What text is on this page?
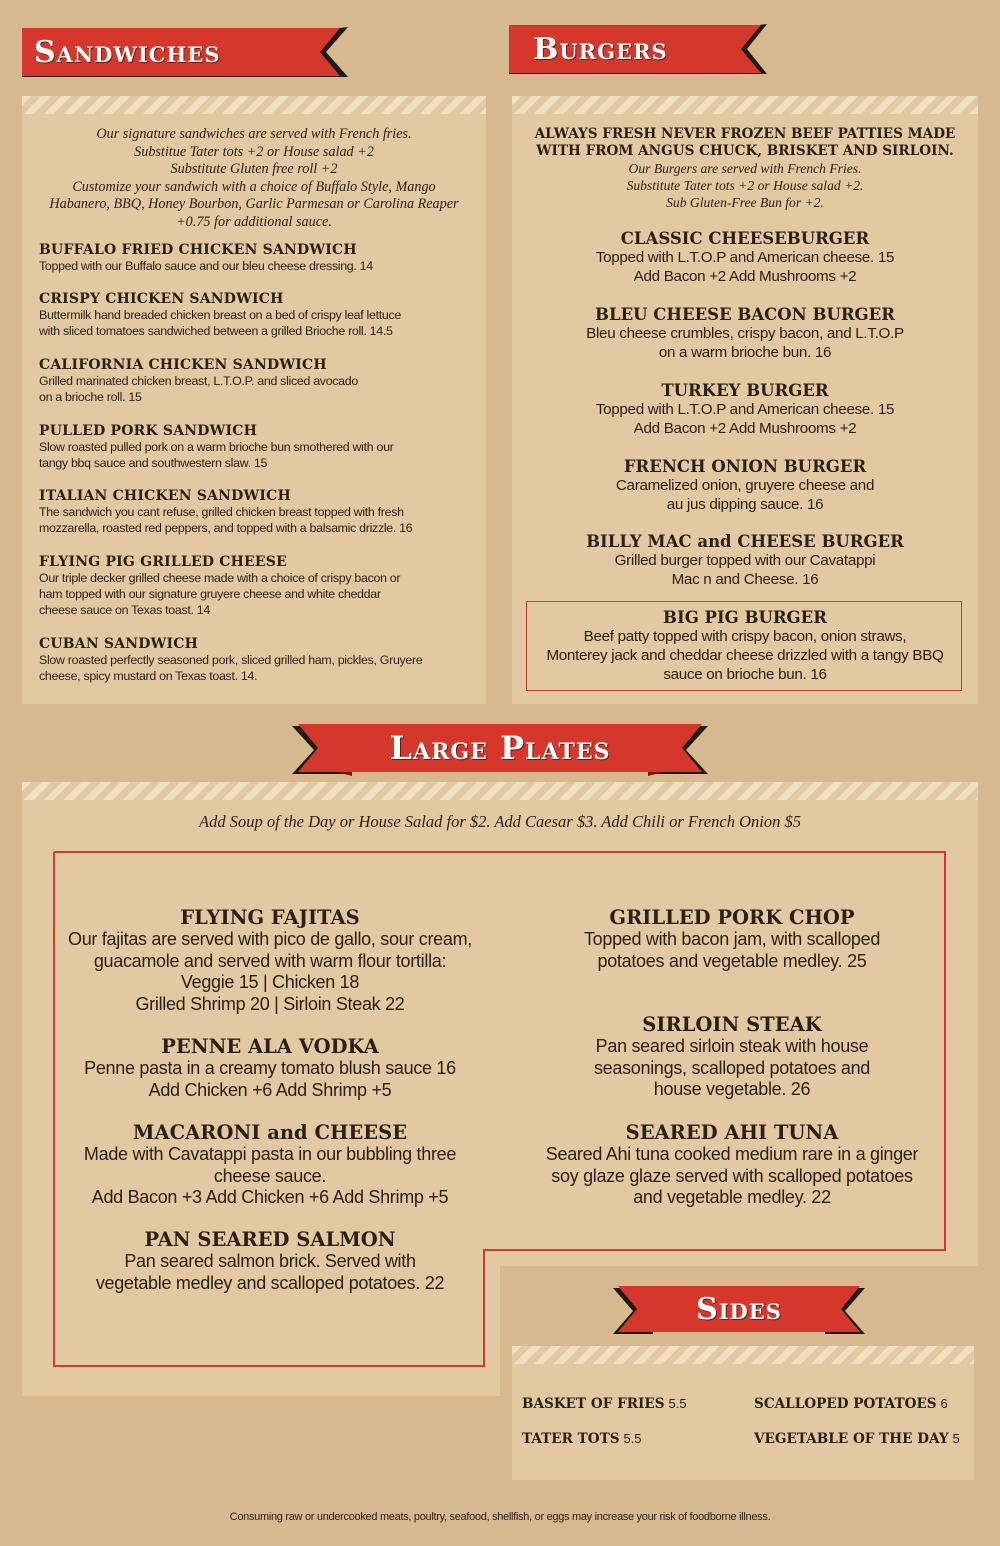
Sandwiches	Burgers
Our signature sandwiches are served with French fries.
Substitue Tater tots +2 or House salad +2
Substitute Gluten free roll +2
Customize your sandwich with a choice of Buffalo Style, Mango
Habanero, BBQ, Honey Bourbon, Garlic Parmesan or Carolina Reaper
+0.75 for additional sauce.
BUFFALO FRIED CHICKEN SANDWICH
Topped with our Buffalo sauce and our bleu cheese dressing. 14
CRISPY CHICKEN SANDWICH
Buttermilk hand breaded chicken breast on a bed of crispy leaf lettuce
with sliced tomatoes sandwiched between a grilled Brioche roll. 14.5
CALIFORNIA CHICKEN SANDWICH
Grilled marinated chicken breast, L.T.O.P. and sliced avocado
on a brioche roll. 15
PULLED PORK SANDWICH
Slow roasted pulled pork on a warm brioche bun smothered with our
tangy bbq sauce and southwestern slaw. 15
ITALIAN CHICKEN SANDWICH
The sandwich you cant refuse, grilled chicken breast topped with fresh
mozzarella, roasted red peppers, and topped with a balsamic drizzle. 16
FLYING PIG GRILLED CHEESE
Our triple decker grilled cheese made with a choice of crispy bacon or
ham topped with our signature gruyere cheese and white cheddar
cheese sauce on Texas toast. 14
CUBAN SANDWICH
Slow roasted perfectly seasoned pork, sliced grilled ham, pickles, Gruyere
cheese, spicy mustard on Texas toast. 14.
ALWAYS FRESH NEVER FROZEN BEEF PATTIES MADE
WITH FROM ANGUS CHUCK, BRISKET AND SIRLOIN.
Our Burgers are served with French Fries.
Substitute Tater tots +2 or House salad +2.
Sub Gluten-Free Bun for +2.
CLASSIC CHEESEBURGER
Topped with L.T.O.P and American cheese. 15
Add Bacon +2 Add Mushrooms +2
BLEU CHEESE BACON BURGER
Bleu cheese crumbles, crispy bacon, and L.T.O.P
on a warm brioche bun. 16
TURKEY BURGER
Topped with L.T.O.P and American cheese. 15
Add Bacon +2 Add Mushrooms +2
FRENCH ONION BURGER
Caramelized onion, gruyere cheese and
au jus dipping sauce. 16
BILLY MAC and CHEESE BURGER
Grilled burger topped with our Cavatappi
Mac n and Cheese. 16
BIG PIG BURGER
Beef patty topped with crispy bacon, onion straws,
Monterey jack and cheddar cheese drizzled with a tangy BBQ
sauce on brioche bun. 16
Large Plates
Add Soup of the Day or House Salad for $2. Add Caesar $3. Add Chili or French Onion $5
FLYING FAJITAS
Our fajitas are served with pico de gallo, sour cream,
guacamole and served with warm flour tortilla:
Veggie 15 | Chicken 18
Grilled Shrimp 20 | Sirloin Steak 22
PENNE ALA VODKA
Penne pasta in a creamy tomato blush sauce 16
Add Chicken +6 Add Shrimp +5
MACARONI and CHEESE
Made with Cavatappi pasta in our bubbling three
cheese sauce.
Add Bacon +3 Add Chicken +6 Add Shrimp +5
PAN SEARED SALMON
Pan seared salmon brick. Served with
vegetable medley and scalloped potatoes. 22
GRILLED PORK CHOP
Topped with bacon jam, with scalloped
potatoes and vegetable medley. 25
SIRLOIN STEAK
Pan seared sirloin steak with house
seasonings, scalloped potatoes and
house vegetable. 26
SEARED AHI TUNA
Seared Ahi tuna cooked medium rare in a ginger
soy glaze glaze served with scalloped potatoes
and vegetable medley. 22
Sides
BASKET OF FRIES 5.5	SCALLOPED POTATOES 6
TATER TOTS 5.5	VEGETABLE OF THE DAY 5
Consuming raw or undercooked meats, poultry, seafood, shellfish, or eggs may increase your risk of foodborne illness.
